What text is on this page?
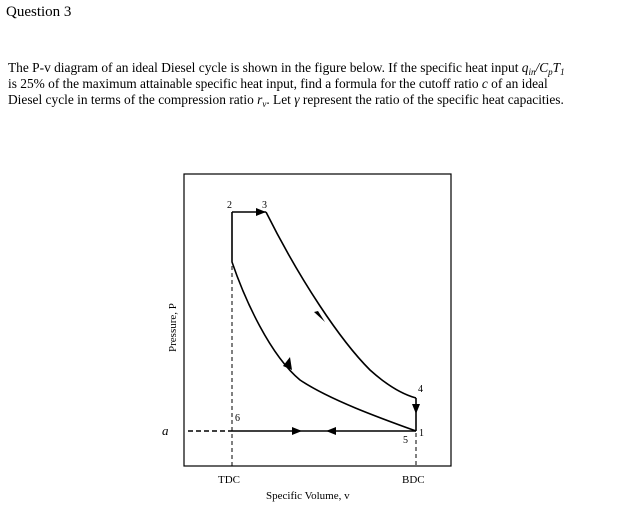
Question 3
The P-v diagram of an ideal Diesel cycle is shown in the figure below. If the specific heat input $q_{in}/C_pT_1$
is 25% of the maximum attainable specific heat input, find a formula for the cutoff ratio c of an ideal
Diesel cycle in terms of the compression ratio $r_v$. Let γ represent the ratio of the specific heat capacities.
2	3
4
5
1
6
a
TDC	BDC
Specific Volume, v
Pressure, P
